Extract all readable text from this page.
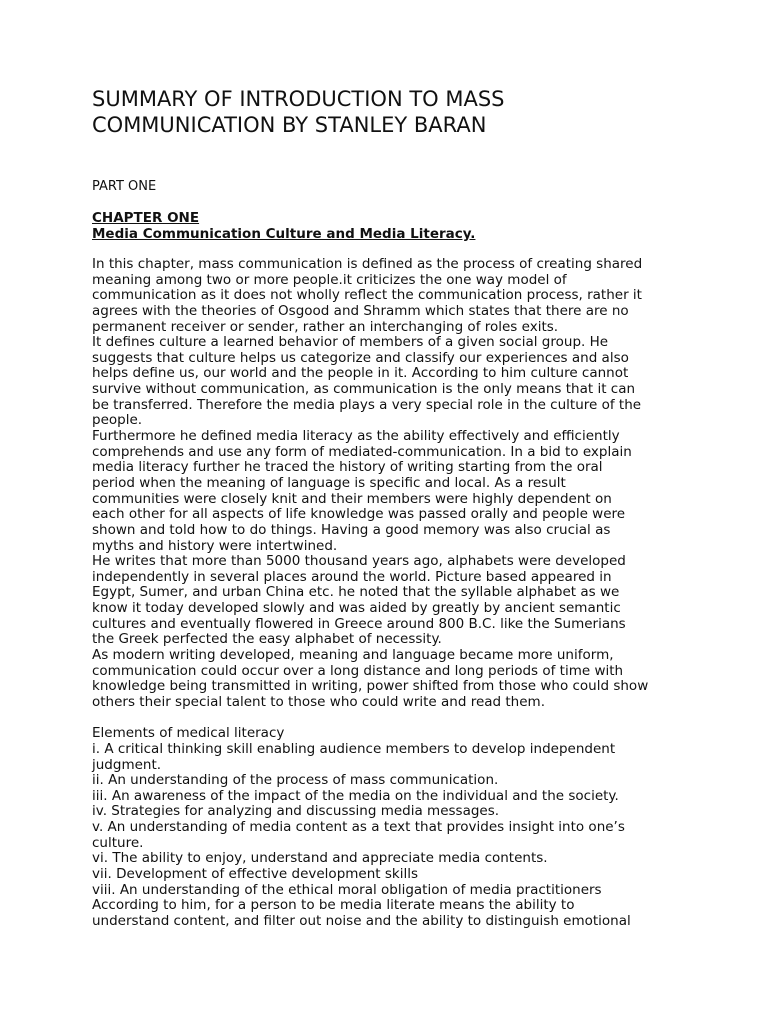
SUMMARY OF INTRODUCTION TO MASS
COMMUNICATION BY STANLEY BARAN
PART ONE
CHAPTER ONE
Media Communication Culture and Media Literacy.
In this chapter, mass communication is defined as the process of creating shared
meaning among two or more people.it criticizes the one way model of
communication as it does not wholly reflect the communication process, rather it
agrees with the theories of Osgood and Shramm which states that there are no
permanent receiver or sender, rather an interchanging of roles exits.
It defines culture a learned behavior of members of a given social group. He
suggests that culture helps us categorize and classify our experiences and also
helps define us, our world and the people in it. According to him culture cannot
survive without communication, as communication is the only means that it can
be transferred. Therefore the media plays a very special role in the culture of the
people.
Furthermore he defined media literacy as the ability effectively and efficiently
comprehends and use any form of mediated-communication. In a bid to explain
media literacy further he traced the history of writing starting from the oral
period when the meaning of language is specific and local. As a result
communities were closely knit and their members were highly dependent on
each other for all aspects of life knowledge was passed orally and people were
shown and told how to do things. Having a good memory was also crucial as
myths and history were intertwined.
He writes that more than 5000 thousand years ago, alphabets were developed
independently in several places around the world. Picture based appeared in
Egypt, Sumer, and urban China etc. he noted that the syllable alphabet as we
know it today developed slowly and was aided by greatly by ancient semantic
cultures and eventually flowered in Greece around 800 B.C. like the Sumerians
the Greek perfected the easy alphabet of necessity.
As modern writing developed, meaning and language became more uniform,
communication could occur over a long distance and long periods of time with
knowledge being transmitted in writing, power shifted from those who could show
others their special talent to those who could write and read them.
Elements of medical literacy
i. A critical thinking skill enabling audience members to develop independent
judgment.
ii. An understanding of the process of mass communication.
iii. An awareness of the impact of the media on the individual and the society.
iv. Strategies for analyzing and discussing media messages.
v. An understanding of media content as a text that provides insight into one’s
culture.
vi. The ability to enjoy, understand and appreciate media contents.
vii. Development of effective development skills
viii. An understanding of the ethical moral obligation of media practitioners
According to him, for a person to be media literate means the ability to
understand content, and filter out noise and the ability to distinguish emotional
